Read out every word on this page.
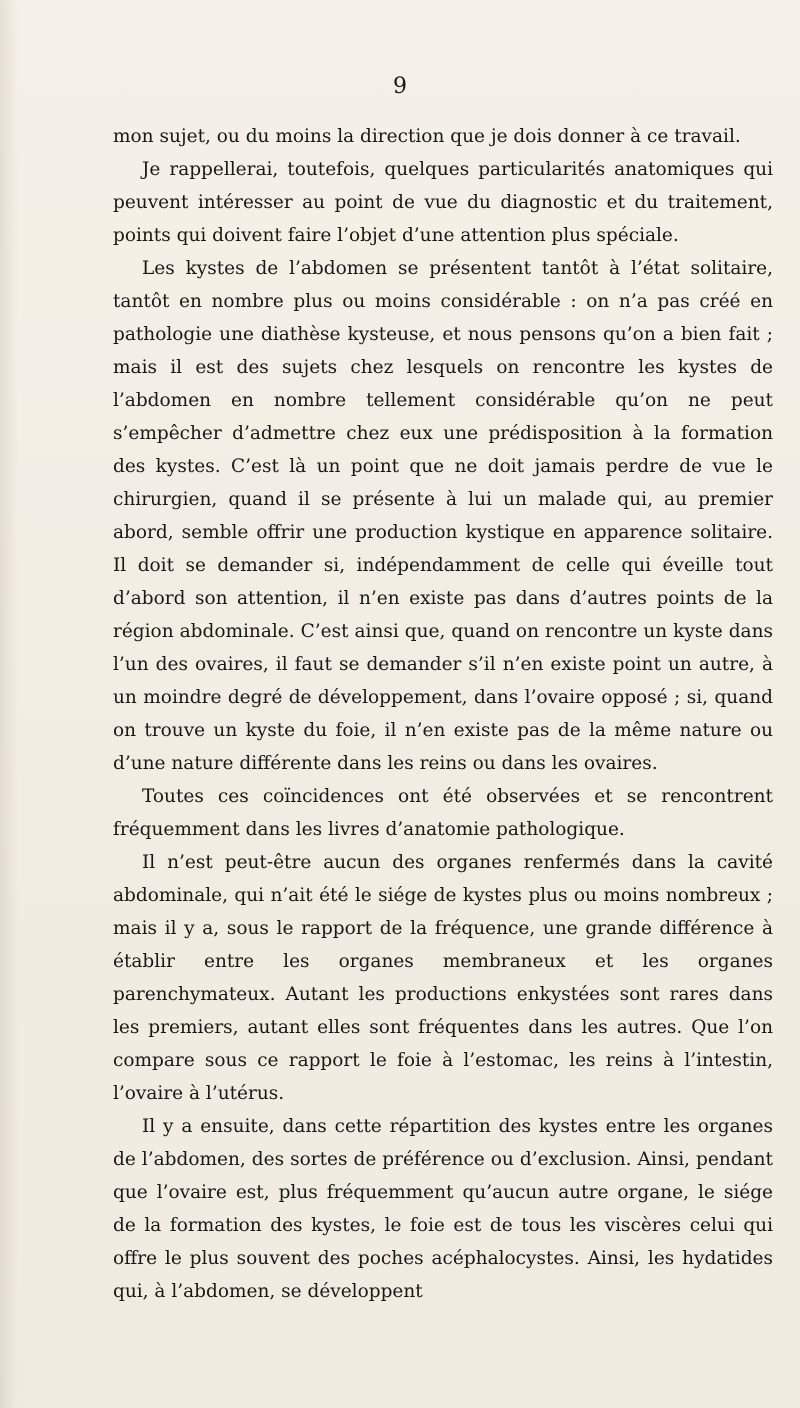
9

mon sujet, ou du moins la direction que je dois donner à ce travail.

Je rappellerai, toutefois, quelques particularités anatomiques qui peuvent intéresser au point de vue du diagnostic et du traitement, points qui doivent faire l’objet d’une attention plus spéciale.

Les kystes de l’abdomen se présentent tantôt à l’état solitaire, tantôt en nombre plus ou moins considérable : on n’a pas créé en pathologie une diathèse kysteuse, et nous pensons qu’on a bien fait ; mais il est des sujets chez lesquels on rencontre les kystes de l’abdomen en nombre tellement considérable qu’on ne peut s’empêcher d’admettre chez eux une prédisposition à la formation des kystes. C’est là un point que ne doit jamais perdre de vue le chirurgien, quand il se présente à lui un malade qui, au premier abord, semble offrir une production kystique en apparence solitaire. Il doit se demander si, indépendamment de celle qui éveille tout d’abord son attention, il n’en existe pas dans d’autres points de la région abdominale. C’est ainsi que, quand on rencontre un kyste dans l’un des ovaires, il faut se demander s’il n’en existe point un autre, à un moindre degré de développement, dans l’ovaire opposé ; si, quand on trouve un kyste du foie, il n’en existe pas de la même nature ou d’une nature différente dans les reins ou dans les ovaires.

Toutes ces coïncidences ont été observées et se rencontrent fréquemment dans les livres d’anatomie pathologique.

Il n’est peut-être aucun des organes renfermés dans la cavité abdominale, qui n’ait été le siége de kystes plus ou moins nombreux ; mais il y a, sous le rapport de la fréquence, une grande différence à établir entre les organes membraneux et les organes parenchymateux. Autant les productions enkystées sont rares dans les premiers, autant elles sont fréquentes dans les autres. Que l’on compare sous ce rapport le foie à l’estomac, les reins à l’intestin, l’ovaire à l’utérus.

Il y a ensuite, dans cette répartition des kystes entre les organes de l’abdomen, des sortes de préférence ou d’exclusion. Ainsi, pendant que l’ovaire est, plus fréquemment qu’aucun autre organe, le siége de la formation des kystes, le foie est de tous les viscères celui qui offre le plus souvent des poches acéphalocystes. Ainsi, les hydatides qui, à l’abdomen, se développent
